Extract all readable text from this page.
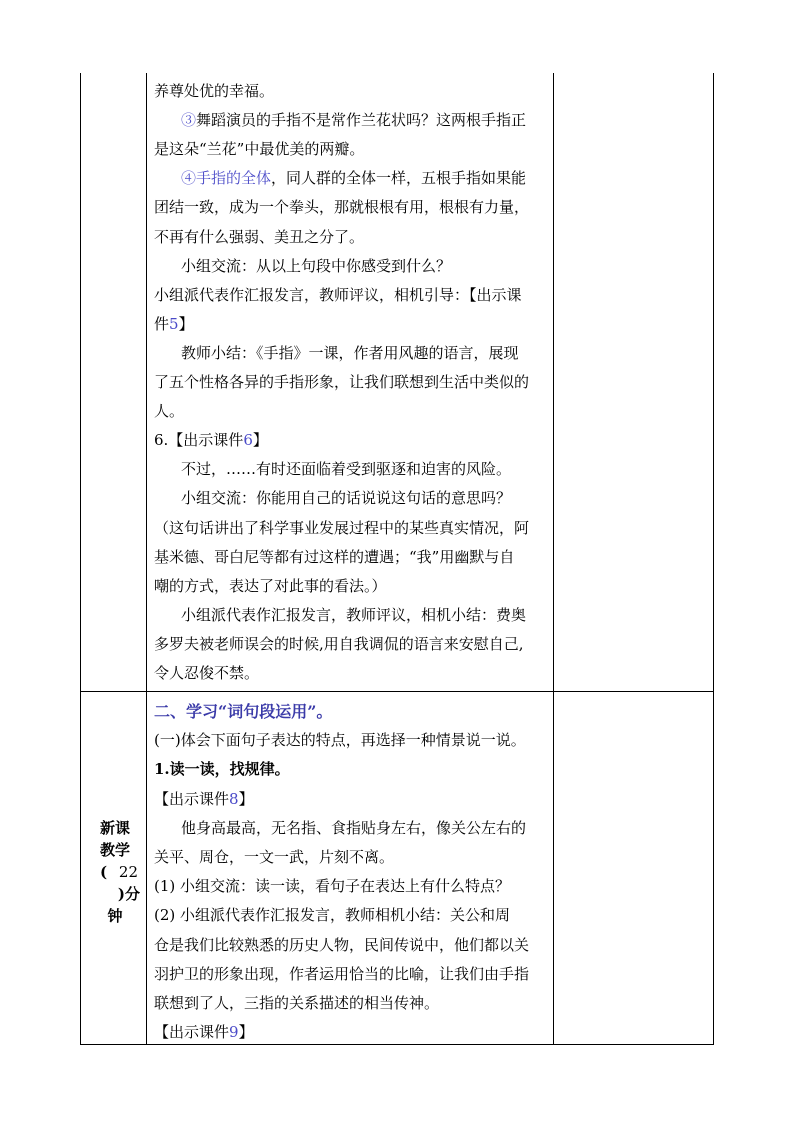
养尊处优的幸福。
③舞蹈演员的手指不是常作兰花状吗？这两根手指正
是这朵“兰花”中最优美的两瓣。
④手指的全体，同人群的全体一样，五根手指如果能
团结一致，成为一个拳头，那就根根有用，根根有力量，
不再有什么强弱、美丑之分了。
小组交流：从以上句段中你感受到什么？
小组派代表作汇报发言，教师评议，相机引导：【出示课
件5】
教师小结：《手指》一课，作者用风趣的语言，展现
了五个性格各异的手指形象，让我们联想到生活中类似的
人。
6.【出示课件6】
不过，……有时还面临着受到驱逐和迫害的风险。
小组交流：你能用自己的话说说这句话的意思吗？
（这句话讲出了科学事业发展过程中的某些真实情况，阿
基米德、哥白尼等都有过这样的遭遇；“我”用幽默与自
嘲的方式，表达了对此事的看法。）
小组派代表作汇报发言，教师评议，相机小结：费奥
多罗夫被老师误会的时候,用自我调侃的语言来安慰自己,
令人忍俊不禁。
新课
教学
( 22
)分
钟
二、学习“词句段运用”。
(一)体会下面句子表达的特点，再选择一种情景说一说。
1.读一读，找规律。
【出示课件8】
他身高最高，无名指、食指贴身左右，像关公左右的
关平、周仓，一文一武，片刻不离。
(1) 小组交流：读一读，看句子在表达上有什么特点？
(2) 小组派代表作汇报发言，教师相机小结：关公和周
仓是我们比较熟悉的历史人物，民间传说中，他们都以关
羽护卫的形象出现，作者运用恰当的比喻，让我们由手指
联想到了人，三指的关系描述的相当传神。
【出示课件9】
